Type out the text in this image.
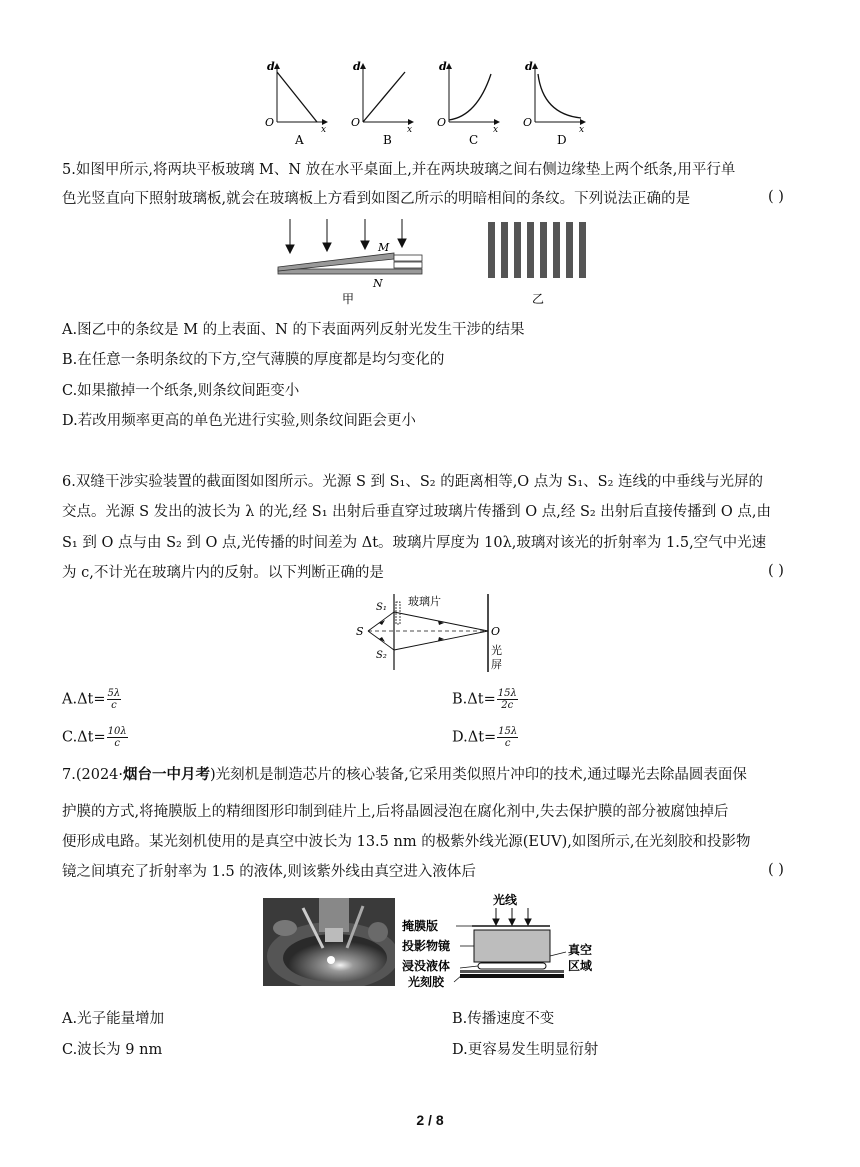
d
O
x
A
d
O
x
B
d
O
x
C
d
O
x
D
5.如图甲所示,将两块平板玻璃 M、N 放在水平桌面上,并在两块玻璃之间右侧边缘垫上两个纸条,用平行单
色光竖直向下照射玻璃板,就会在玻璃板上方看到如图乙所示的明暗相间的条纹。下列说法正确的是	( )
M
N
甲	乙
A.图乙中的条纹是 M 的上表面、N 的下表面两列反射光发生干涉的结果
B.在任意一条明条纹的下方,空气薄膜的厚度都是均匀变化的
C.如果撤掉一个纸条,则条纹间距变小
D.若改用频率更高的单色光进行实验,则条纹间距会更小
6.双缝干涉实验装置的截面图如图所示。光源 S 到 S₁、S₂ 的距离相等,O 点为 S₁、S₂ 连线的中垂线与光屏的
交点。光源 S 发出的波长为 λ 的光,经 S₁ 出射后垂直穿过玻璃片传播到 O 点,经 S₂ 出射后直接传播到 O 点,由
S₁ 到 O 点与由 S₂ 到 O 点,光传播的时间差为 Δt。玻璃片厚度为 10λ,玻璃对该光的折射率为 1.5,空气中光速
为 c,不计光在玻璃片内的反射。以下判断正确的是	( )
S
S₁
S₂
玻璃片
O
光
屏
$A.\Delta t= \frac{5\lambda}{c}$	$B.\Delta t= \frac{15\lambda}{2c}$
$C.\Delta t= \frac{10\lambda}{c}$	$D.\Delta t= \frac{15\lambda}{c}$
7.(2024·烟台一中月考)光刻机是制造芯片的核心装备,它采用类似照片冲印的技术,通过曝光去除晶圆表面保
护膜的方式,将掩膜版上的精细图形印制到硅片上,后将晶圆浸泡在腐化剂中,失去保护膜的部分被腐蚀掉后
便形成电路。某光刻机使用的是真空中波长为 13.5 nm 的极紫外线光源(EUV),如图所示,在光刻胶和投影物
镜之间填充了折射率为 1.5 的液体,则该紫外线由真空进入液体后	( )
光线
掩膜版
投影物镜
浸没液体
光刻胶
真空
区域
A.光子能量增加	B.传播速度不变
C.波长为 9 nm	D.更容易发生明显衍射
2 / 8
